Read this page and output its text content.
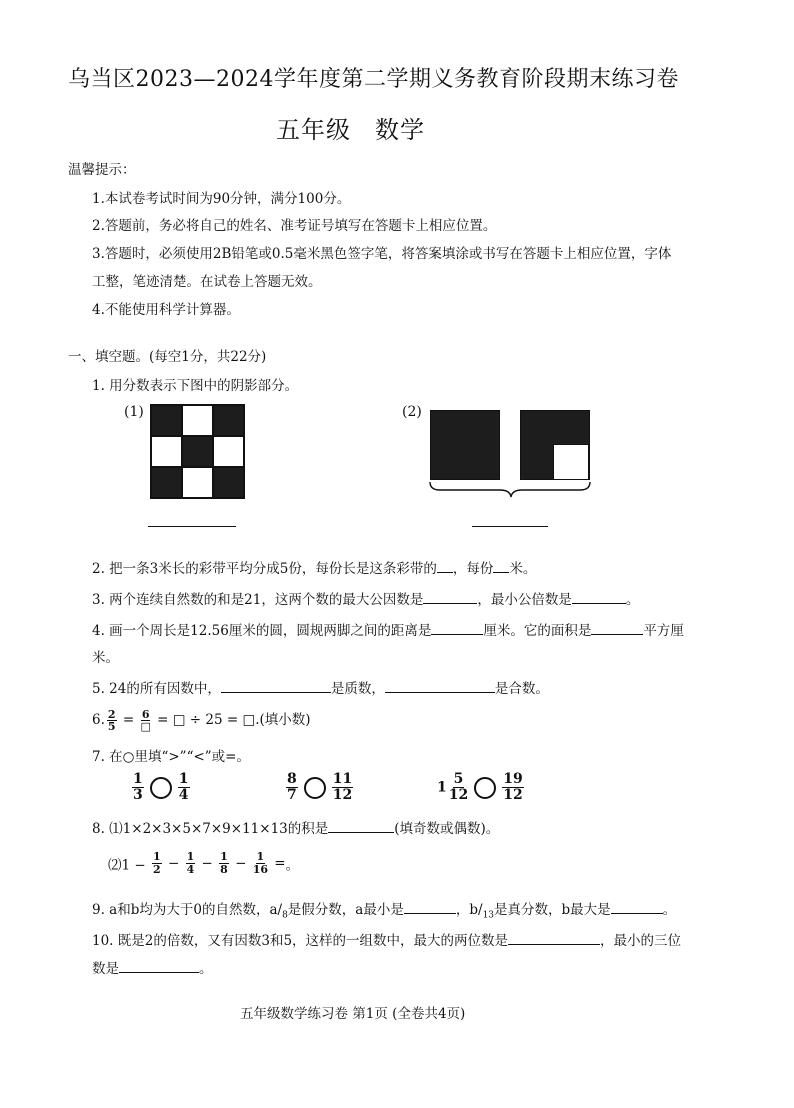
乌当区2023—2024学年度第二学期义务教育阶段期末练习卷
五年级 数学
温馨提示：
1.本试卷考试时间为90分钟，满分100分。
2.答题前，务必将自己的姓名、准考证号填写在答题卡上相应位置。
3.答题时，必须使用2B铅笔或0.5毫米黑色签字笔，将答案填涂或书写在答题卡上相应位置，字体
工整，笔迹清楚。在试卷上答题无效。
4.不能使用科学计算器。
一、填空题。(每空1分，共22分)
1. 用分数表示下图中的阴影部分。
(1)	(2)
2. 把一条3米长的彩带平均分成5份，每份长是这条彩带的 ，每份 米。
3. 两个连续自然数的和是21，这两个数的最大公因数是	，最小公倍数是	。
4. 画一个周长是12.56厘米的圆，圆规两脚之间的距离是	厘米。它的面积是	平方厘
米。
5. 24的所有因数中，	是质数，	是合数。
6. $\frac{2}{5} = \frac{6}{□}$ = □ ÷ 25 = □.(填小数)
7. 在○里填“>”“<”或=。
$\frac{1}{3} \frac{1}{4}$	$\frac{8}{7} \frac{11}{12}$	$1 \frac{5}{12} \frac{19}{12}$
8. ⑴1×2×3×5×7×9×11×13的积是	(填奇数或偶数)。
⑵1 − $\frac{1}{2} - \frac{1}{4} - \frac{1}{8} - \frac{1}{16}$ =。
9. a和b均为大于0的自然数，$a/_8$是假分数，a最小是	，$b/_{13}$是真分数，b最大是	。
10. 既是2的倍数，又有因数3和5，这样的一组数中，最大的两位数是	，最小的三位
数是	。
五年级数学练习卷 第1页 (全卷共4页)
